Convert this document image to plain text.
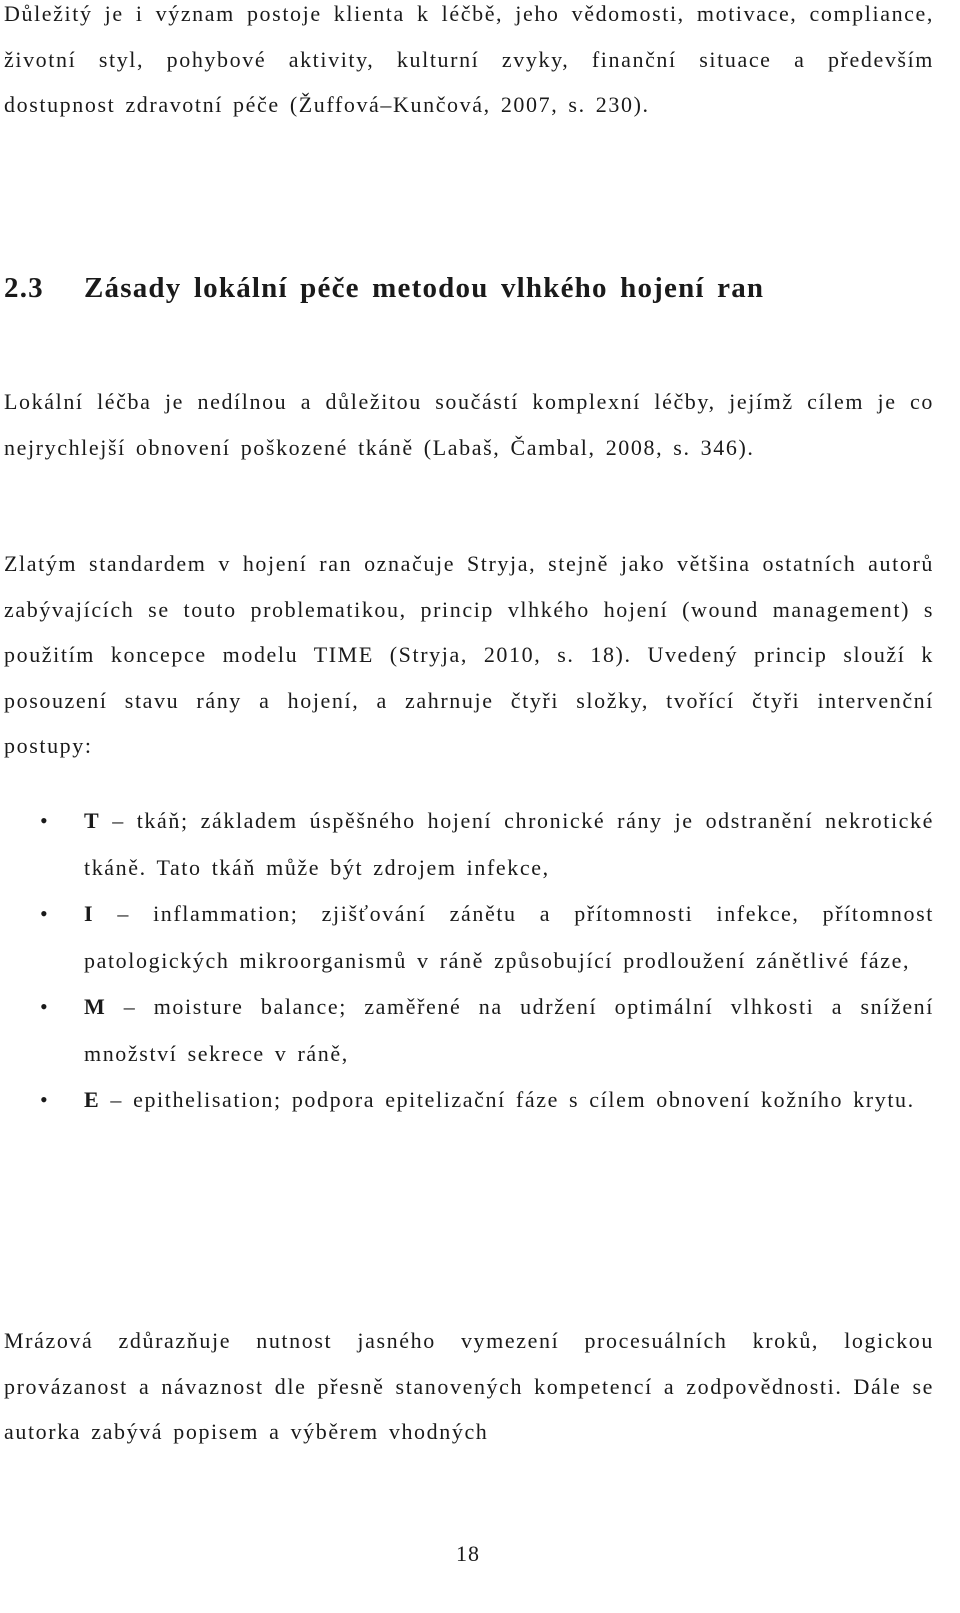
Důležitý je i význam postoje klienta k léčbě, jeho vědomosti, motivace, compliance, životní styl, pohybové aktivity, kulturní zvyky, finanční situace a především dostupnost zdravotní péče (Žuffová–Kunčová, 2007, s. 230).

2.3 Zásady lokální péče metodou vlhkého hojení ran

Lokální léčba je nedílnou a důležitou součástí komplexní léčby, jejímž cílem je co nejrychlejší obnovení poškozené tkáně (Labaš, Čambal, 2008, s. 346).

Zlatým standardem v hojení ran označuje Stryja, stejně jako většina ostatních autorů zabývajících se touto problematikou, princip vlhkého hojení (wound management) s použitím koncepce modelu TIME (Stryja, 2010, s. 18). Uvedený princip slouží k posouzení stavu rány a hojení, a zahrnuje čtyři složky, tvořící čtyři intervenční postupy:

• T – tkáň; základem úspěšného hojení chronické rány je odstranění nekrotické tkáně. Tato tkáň může být zdrojem infekce,
• I – inflammation; zjišťování zánětu a přítomnosti infekce, přítomnost patologických mikroorganismů v ráně způsobující prodloužení zánětlivé fáze,
• M – moisture balance; zaměřené na udržení optimální vlhkosti a snížení množství sekrece v ráně,
• E – epithelisation; podpora epitelizační fáze s cílem obnovení kožního krytu.

Mrázová zdůrazňuje nutnost jasného vymezení procesuálních kroků, logickou provázanost a návaznost dle přesně stanovených kompetencí a zodpovědnosti. Dále se autorka zabývá popisem a výběrem vhodných

18
